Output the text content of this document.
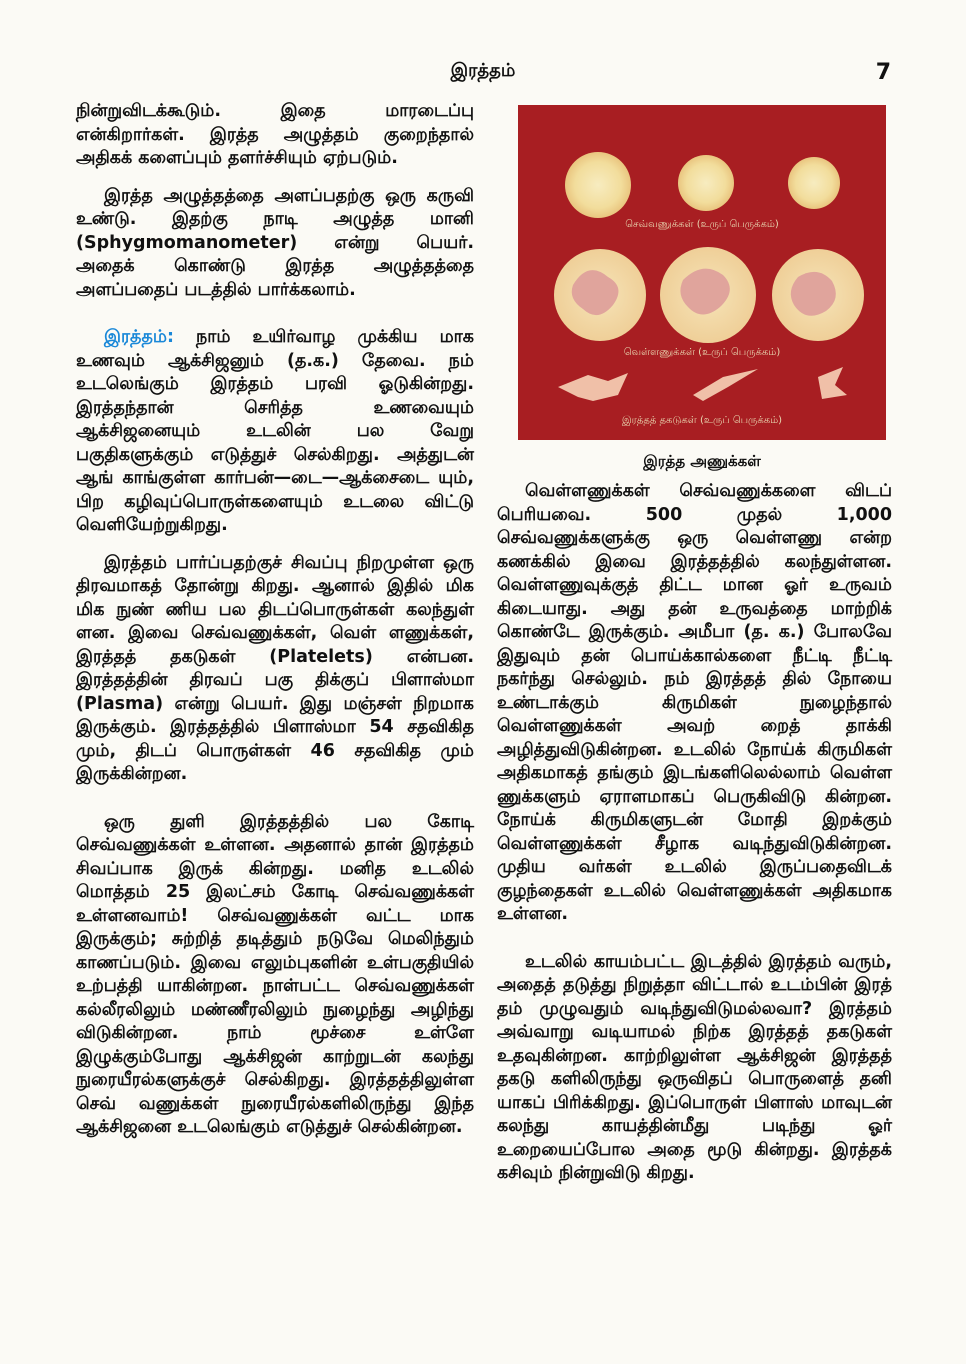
இரத்தம்	7

நின்றுவிடக்கூடும். இதை மாரடைப்பு என்கிறார்கள். இரத்த அழுத்தம் குறைந்தால் அதிகக் களைப்பும் தளர்ச்சியும் ஏற்படும்.

இரத்த அழுத்தத்தை அளப்பதற்கு ஒரு கருவி உண்டு. இதற்கு நாடி அழுத்த மானி (Sphygmomanometer) என்று பெயர். அதைக் கொண்டு இரத்த அழுத்தத்தை அளப்பதைப் படத்தில் பார்க்கலாம்.

இரத்தம்: நாம் உயிர்வாழ முக்கிய மாக உணவும் ஆக்சிஜனும் (த.க.) தேவை. நம் உடலெங்கும் இரத்தம் பரவி ஓடுகின்றது. இரத்தந்தான் செரித்த உணவையும் ஆக்சிஜனையும் உடலின் பல வேறு பகுதிகளுக்கும் எடுத்துச் செல்கிறது. அத்துடன் ஆங் காங்குள்ள கார்பன்—டை—ஆக்சைடை யும், பிற கழிவுப்பொருள்களையும் உடலை விட்டு வெளியேற்றுகிறது.

இரத்தம் பார்ப்பதற்குச் சிவப்பு நிறமுள்ள ஒரு திரவமாகத் தோன்று கிறது. ஆனால் இதில் மிக மிக நுண் ணிய பல திடப்பொருள்கள் கலந்துள் ளன. இவை செவ்வணுக்கள், வெள் ளணுக்கள், இரத்தத் தகடுகள் (Platelets) என்பன. இரத்தத்தின் திரவப் பகு திக்குப் பிளாஸ்மா (Plasma) என்று பெயர். இது மஞ்சள் நிறமாக இருக்கும். இரத்தத்தில் பிளாஸ்மா 54 சதவிகித மும், திடப் பொருள்கள் 46 சதவிகித மும் இருக்கின்றன.

ஒரு துளி இரத்தத்தில் பல கோடி செவ்வணுக்கள் உள்ளன. அதனால் தான் இரத்தம் சிவப்பாக இருக் கின்றது. மனித உடலில் மொத்தம் 25 இலட்சம் கோடி செவ்வணுக்கள் உள்ளனவாம்! செவ்வணுக்கள் வட்ட மாக இருக்கும்; சுற்றித் தடித்தும் நடுவே மெலிந்தும் காணப்படும். இவை எலும்புகளின் உள்பகுதியில் உற்பத்தி யாகின்றன. நாள்பட்ட செவ்வணுக்கள் கல்லீரலிலும் மண்ணீரலிலும் நுழைந்து அழிந்து விடுகின்றன. நாம் மூச்சை உள்ளே இழுக்கும்போது ஆக்சிஜன் காற்றுடன் கலந்து நுரையீரல்களுக்குச் செல்கிறது. இரத்தத்திலுள்ள செவ் வணுக்கள் நுரையீரல்களிலிருந்து இந்த ஆக்சிஜனை உடலெங்கும் எடுத்துச் செல்கின்றன.

செவ்வணுக்கள் (உருப் பெருக்கம்)
வெள்ளணுக்கள் (உருப் பெருக்கம்)
இரத்தத் தகடுகள் (உருப் பெருக்கம்)
இரத்த அணுக்கள்

வெள்ளணுக்கள் செவ்வணுக்களை விடப் பெரியவை. 500 முதல் 1,000 செவ்வணுக்களுக்கு ஒரு வெள்ளணு என்ற கணக்கில் இவை இரத்தத்தில் கலந்துள்ளன. வெள்ளணுவுக்குத் திட்ட மான ஓர் உருவம் கிடையாது. அது தன் உருவத்தை மாற்றிக் கொண்டே இருக்கும். அமீபா (த. க.) போலவே இதுவும் தன் பொய்க்கால்களை நீட்டி நீட்டி நகர்ந்து செல்லும். நம் இரத்தத் தில் நோயை உண்டாக்கும் கிருமிகள் நுழைந்தால் வெள்ளணுக்கள் அவற் றைத் தாக்கி அழித்துவிடுகின்றன. உடலில் நோய்க் கிருமிகள் அதிகமாகத் தங்கும் இடங்களிலெல்லாம் வெள்ள ணுக்களும் ஏராளமாகப் பெருகிவிடு கின்றன. நோய்க் கிருமிகளுடன் மோதி இறக்கும் வெள்ளணுக்கள் சீழாக வடிந்துவிடுகின்றன. முதிய வர்கள் உடலில் இருப்பதைவிடக் குழந்தைகள் உடலில் வெள்ளணுக்கள் அதிகமாக உள்ளன.

உடலில் காயம்பட்ட இடத்தில் இரத்தம் வரும், அதைத் தடுத்து நிறுத்தா விட்டால் உடம்பின் இரத் தம் முழுவதும் வடிந்துவிடுமல்லவா? இரத்தம் அவ்வாறு வடியாமல் நிற்க இரத்தத் தகடுகள் உதவுகின்றன. காற்றிலுள்ள ஆக்சிஜன் இரத்தத் தகடு களிலிருந்து ஒருவிதப் பொருளைத் தனி யாகப் பிரிக்கிறது. இப்பொருள் பிளாஸ் மாவுடன் கலந்து காயத்தின்மீது படிந்து ஓர் உறையைப்போல அதை மூடு கின்றது. இரத்தக் கசிவும் நின்றுவிடு கிறது.
